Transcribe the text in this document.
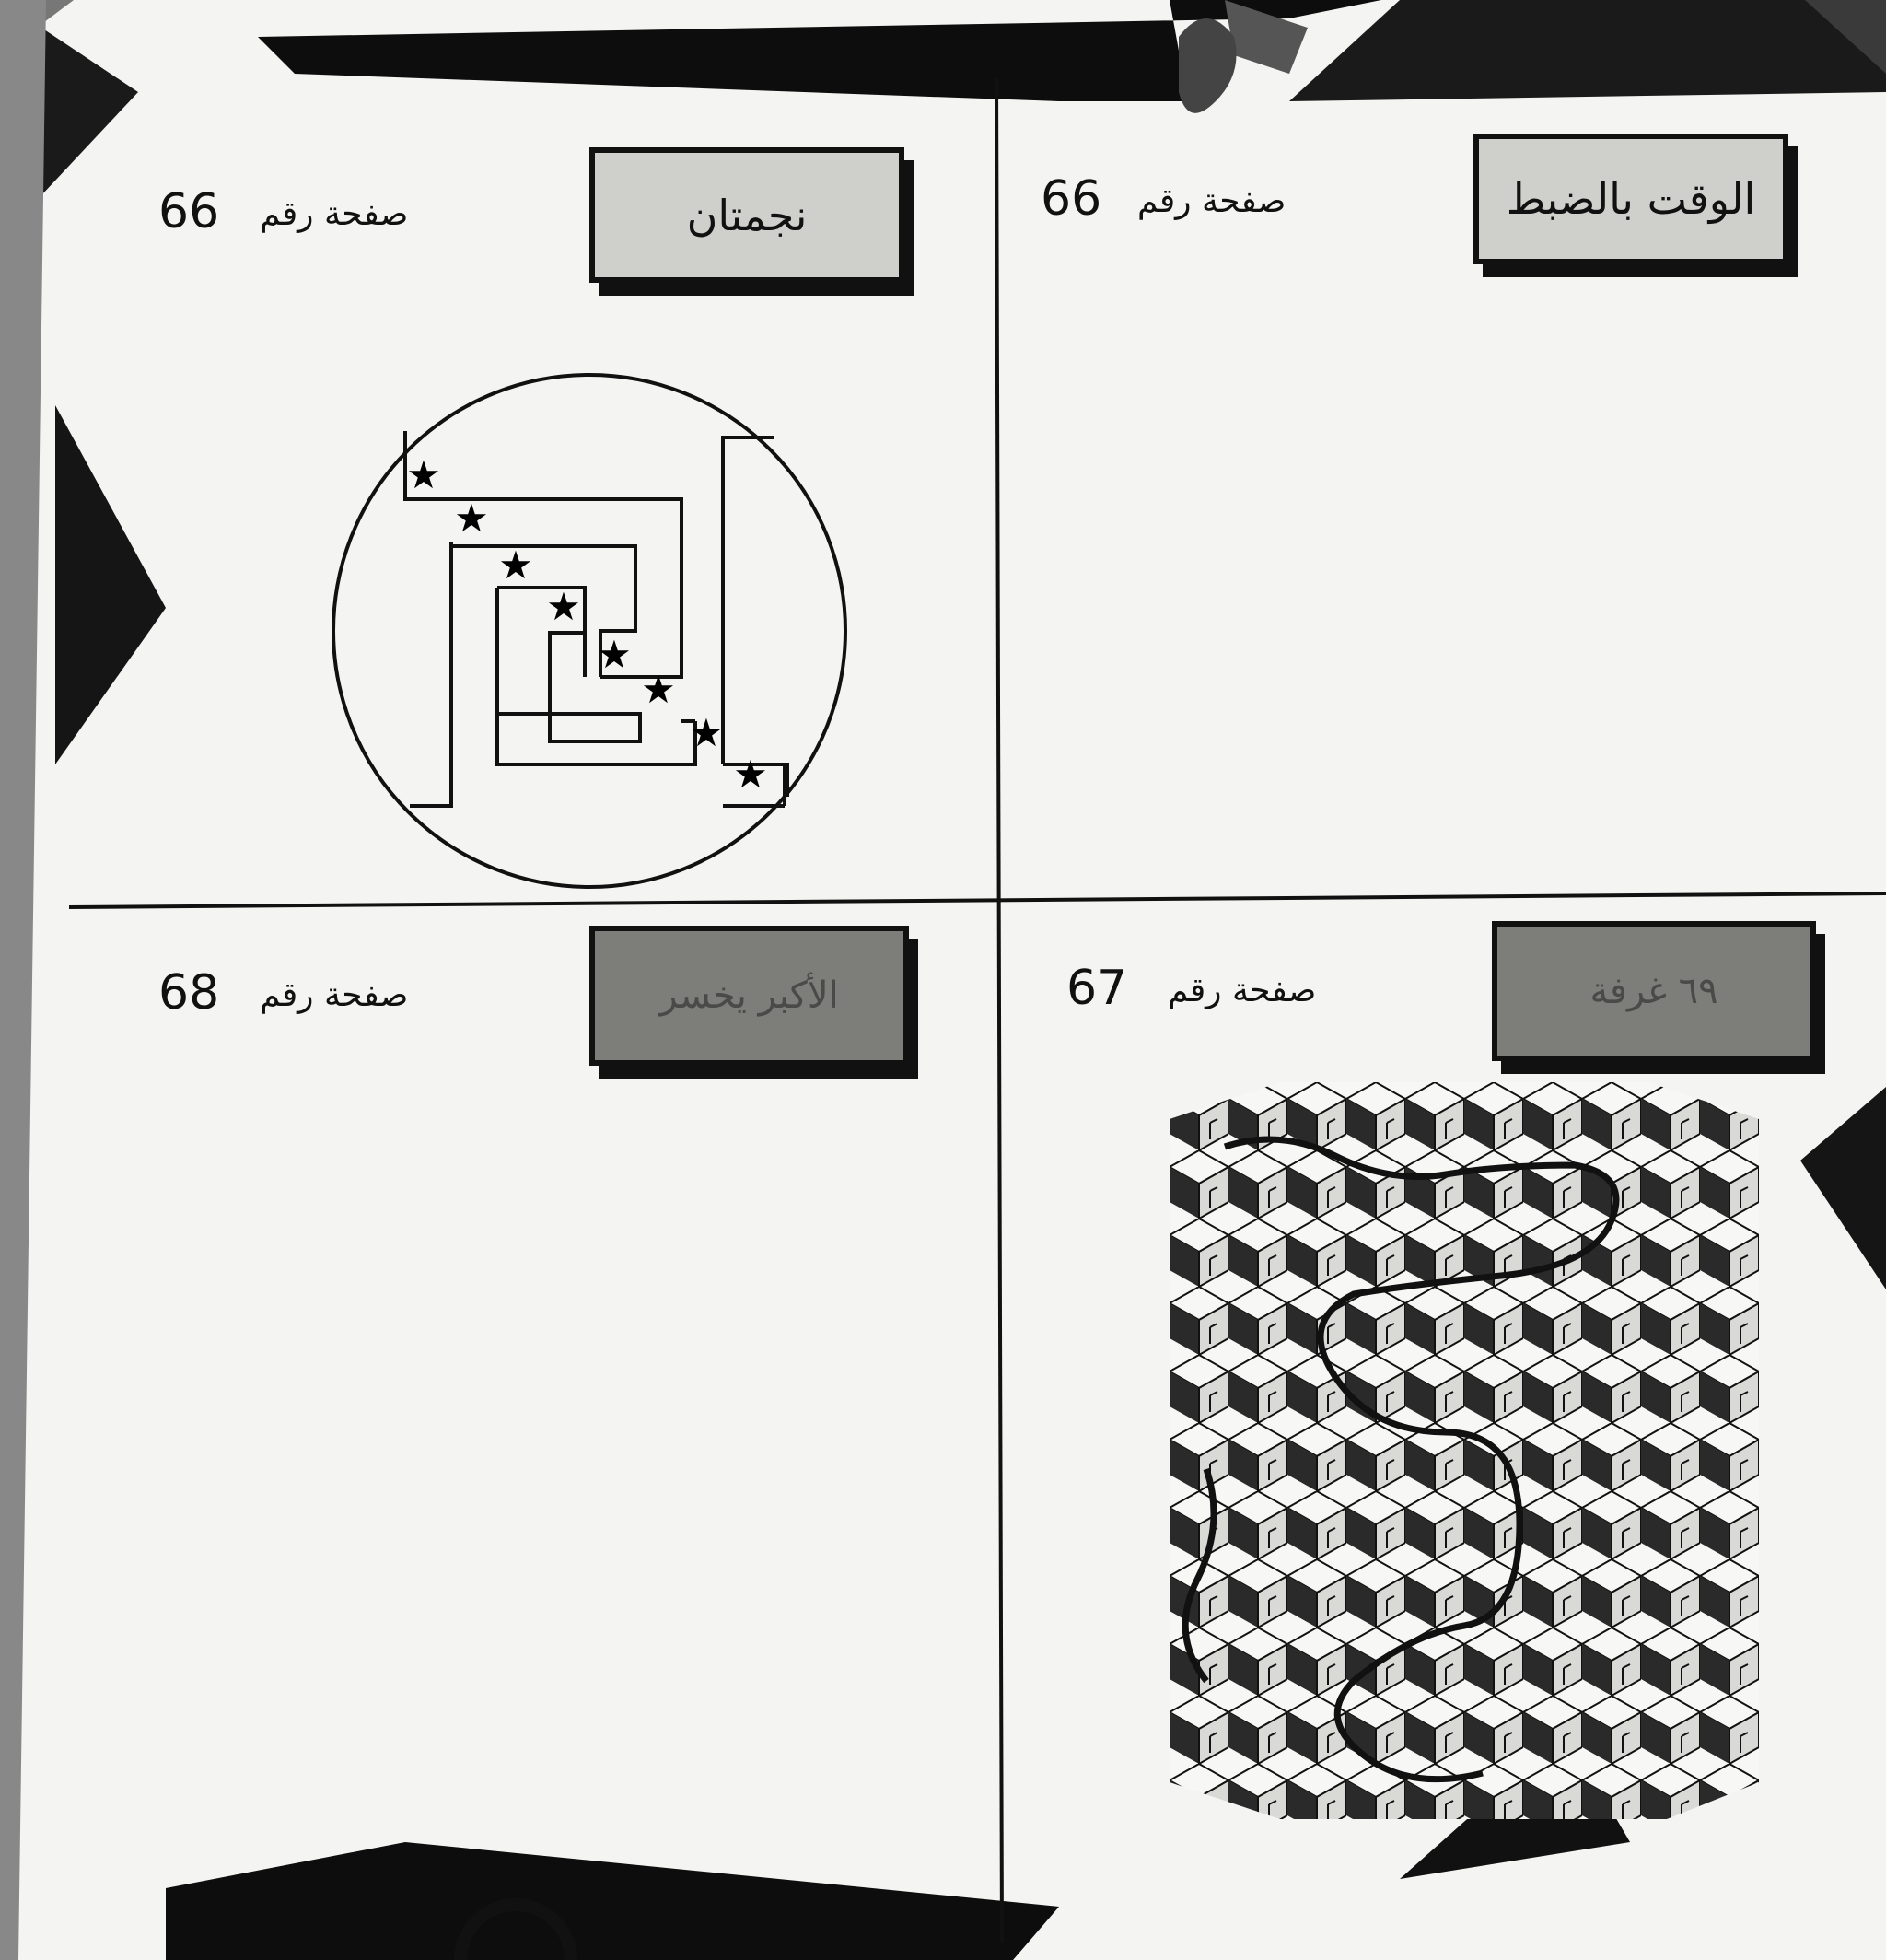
الوقت بالضبط
صفحة رقم
66
نجمتان
صفحة رقم
66
★
★
★
★
★
★
★
★
٦٩ غرفة
صفحة رقم
67
الأكبر يخسر
صفحة رقم
68
